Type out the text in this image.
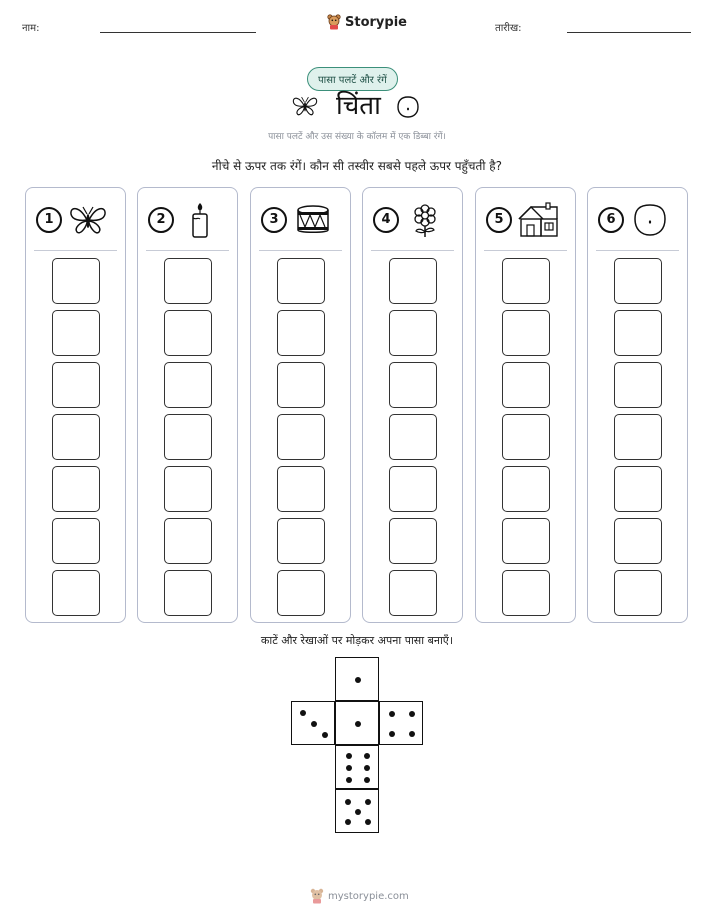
नाम:	Storypie	तारीख:
पासा पलटें और रंगें
चिंता
पासा पलटें और उस संख्या के कॉलम में एक डिब्बा रंगें।
नीचे से ऊपर तक रंगें। कौन सी तस्वीर सबसे पहले ऊपर पहुँचती है?
1	2	3	4	5	6
काटें और रेखाओं पर मोड़कर अपना पासा बनाएँ।
mystorypie.com
